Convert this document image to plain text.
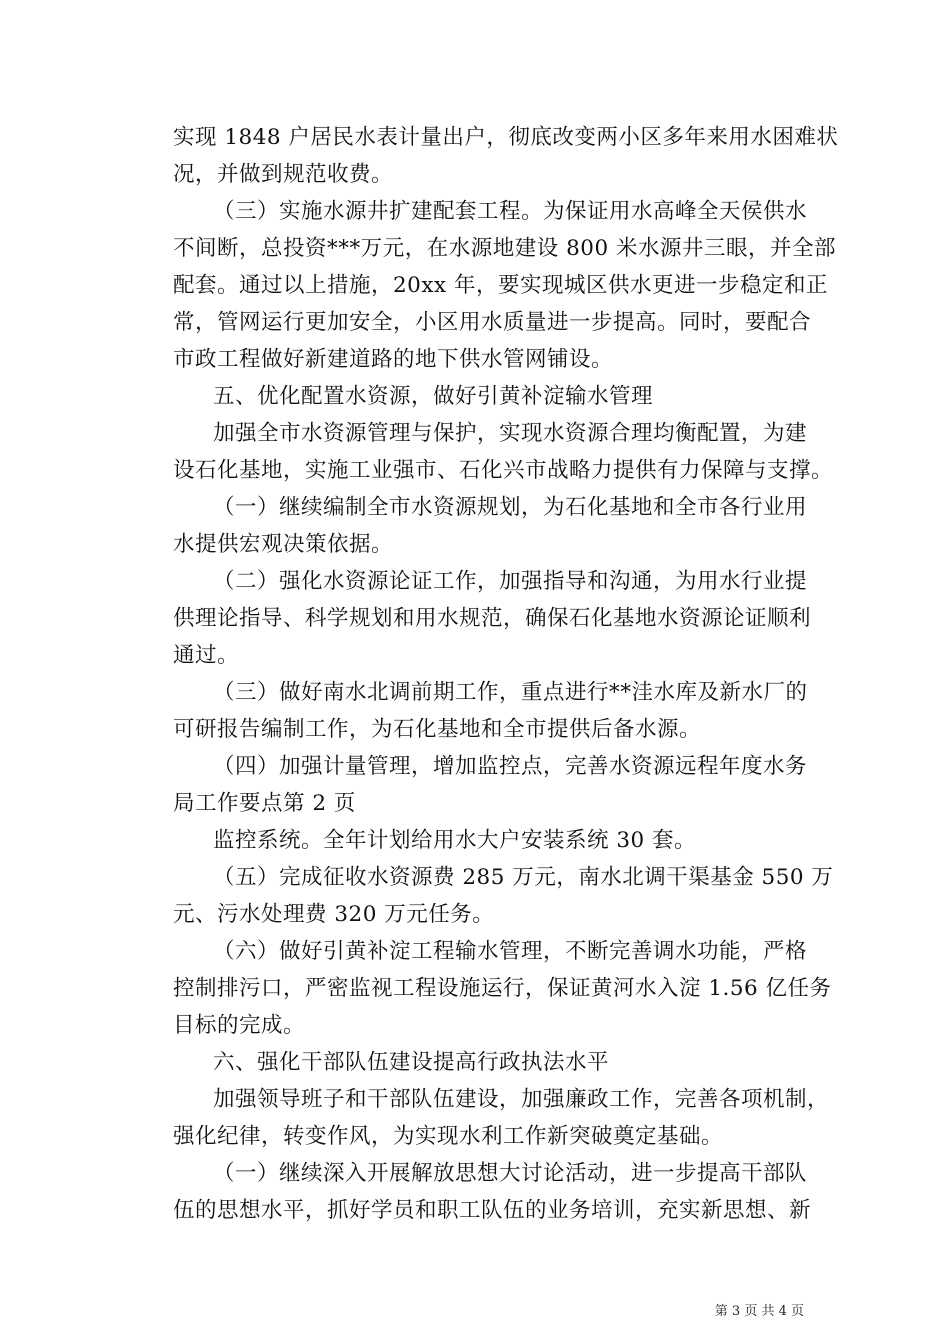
实现 1848 户居民水表计量出户，彻底改变两小区多年来用水困难状
况，并做到规范收费。
（三）实施水源井扩建配套工程。为保证用水高峰全天侯供水
不间断，总投资***万元，在水源地建设 800 米水源井三眼，并全部
配套。通过以上措施，20xx 年，要实现城区供水更进一步稳定和正
常，管网运行更加安全，小区用水质量进一步提高。同时，要配合
市政工程做好新建道路的地下供水管网铺设。
五、优化配置水资源，做好引黄补淀输水管理
加强全市水资源管理与保护，实现水资源合理均衡配置，为建
设石化基地，实施工业强市、石化兴市战略力提供有力保障与支撑。
（一）继续编制全市水资源规划，为石化基地和全市各行业用
水提供宏观决策依据。
（二）强化水资源论证工作，加强指导和沟通，为用水行业提
供理论指导、科学规划和用水规范，确保石化基地水资源论证顺利
通过。
（三）做好南水北调前期工作，重点进行**洼水库及新水厂的
可研报告编制工作，为石化基地和全市提供后备水源。
（四）加强计量管理，增加监控点，完善水资源远程年度水务
局工作要点第 2 页
监控系统。全年计划给用水大户安装系统 30 套。
（五）完成征收水资源费 285 万元，南水北调干渠基金 550 万
元、污水处理费 320 万元任务。
（六）做好引黄补淀工程输水管理，不断完善调水功能，严格
控制排污口，严密监视工程设施运行，保证黄河水入淀 1.56 亿任务
目标的完成。
六、强化干部队伍建设提高行政执法水平
加强领导班子和干部队伍建设，加强廉政工作，完善各项机制，
强化纪律，转变作风，为实现水利工作新突破奠定基础。
（一）继续深入开展解放思想大讨论活动，进一步提高干部队
伍的思想水平，抓好学员和职工队伍的业务培训，充实新思想、新
第 3 页 共 4 页
